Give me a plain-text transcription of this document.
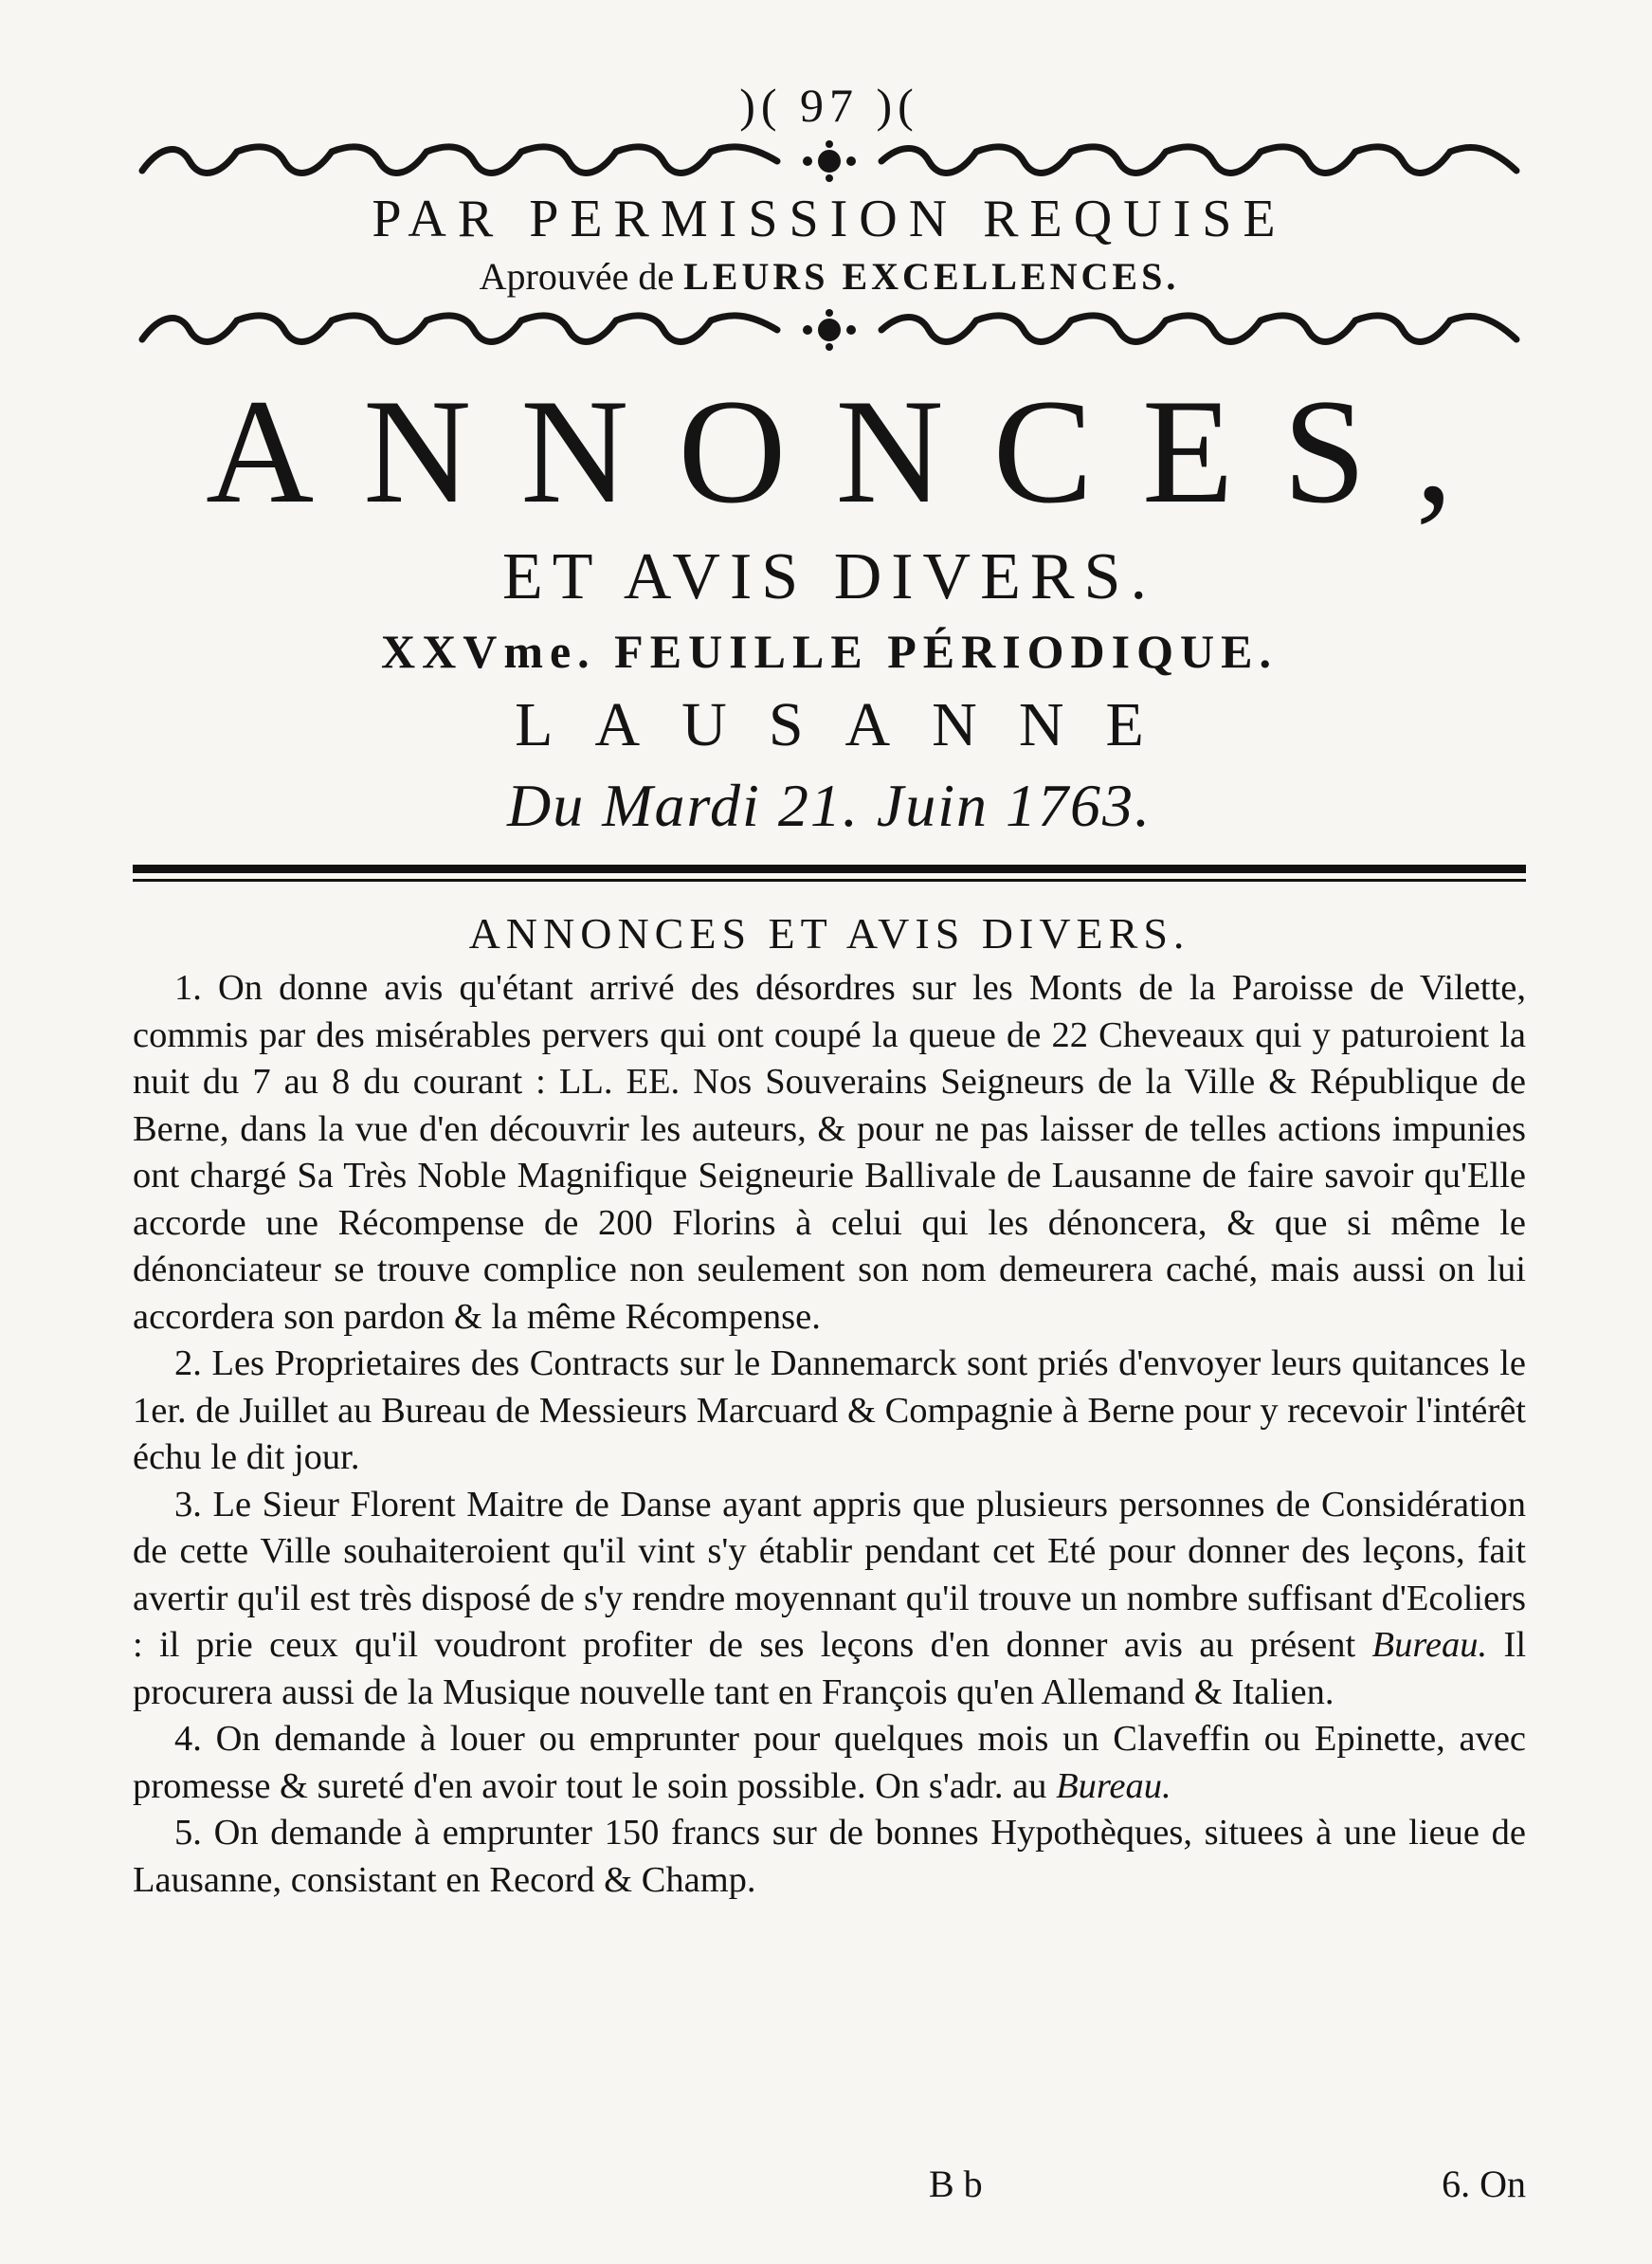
)( 97 )(

PAR PERMISSION REQUISE

Aprouvée de LEURS EXCELLENCES.

ANNONCES,

ET AVIS DIVERS.

XXVme. FEUILLE PÉRIODIQUE.

LAUSANNE

Du Mardi 21. Juin 1763.

ANNONCES ET AVIS DIVERS.

1. On donne avis qu'étant arrivé des désordres sur les Monts de la Paroisse de Vilette, commis par des misérables pervers qui ont coupé la queue de 22 Cheveaux qui y paturoient la nuit du 7 au 8 du courant : LL. EE. Nos Souverains Seigneurs de la Ville & République de Berne, dans la vue d'en découvrir les auteurs, & pour ne pas laisser de telles actions impunies ont chargé Sa Très Noble Magnifique Seigneurie Ballivale de Lausanne de faire savoir qu'Elle accorde une Récompense de 200 Florins à celui qui les dénoncera, & que si même le dénonciateur se trouve complice non seulement son nom demeurera caché, mais aussi on lui accordera son pardon & la même Récompense.

2. Les Proprietaires des Contracts sur le Dannemarck sont priés d'envoyer leurs quitances le 1er. de Juillet au Bureau de Messieurs Marcuard & Compagnie à Berne pour y recevoir l'intérêt échu le dit jour.

3. Le Sieur Florent Maitre de Danse ayant appris que plusieurs personnes de Considération de cette Ville souhaiteroient qu'il vint s'y établir pendant cet Eté pour donner des leçons, fait avertir qu'il est très disposé de s'y rendre moyennant qu'il trouve un nombre suffisant d'Ecoliers : il prie ceux qu'il voudront profiter de ses leçons d'en donner avis au présent Bureau. Il procurera aussi de la Musique nouvelle tant en François qu'en Allemand & Italien.

4. On demande à louer ou emprunter pour quelques mois un Claveffin ou Epinette, avec promesse & sureté d'en avoir tout le soin possible. On s'adr. au Bureau.

5. On demande à emprunter 150 francs sur de bonnes Hypothèques, situees à une lieue de Lausanne, consistant en Record & Champ.

Bb	6. On
